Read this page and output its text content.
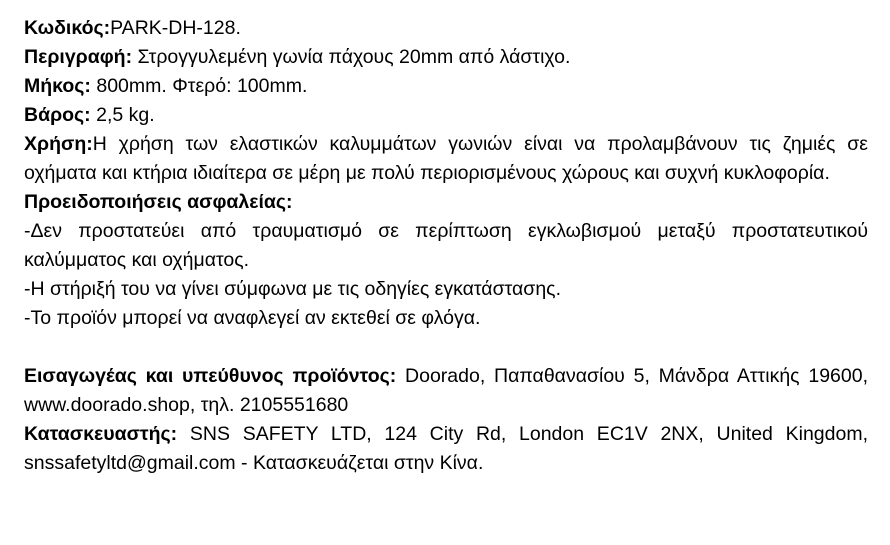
Κωδικός:PARK-DH-128.

Περιγραφή: Στρογγυλεμένη γωνία πάχους 20mm από λάστιχο.

Μήκος: 800mm. Φτερό: 100mm.

Βάρος: 2,5 kg.

Χρήση:Η χρήση των ελαστικών καλυμμάτων γωνιών είναι να προλαμβάνουν τις ζημιές σε οχήματα και κτήρια ιδιαίτερα σε μέρη με πολύ περιορισμένους χώρους και συχνή κυκλοφορία.

Προειδοποιήσεις ασφαλείας:

-Δεν προστατεύει από τραυματισμό σε περίπτωση εγκλωβισμού μεταξύ προστατευτικού καλύμματος και οχήματος.

-Η στήριξή του να γίνει σύμφωνα με τις οδηγίες εγκατάστασης.

-Το προϊόν μπορεί να αναφλεγεί αν εκτεθεί σε φλόγα.

Εισαγωγέας και υπεύθυνος προϊόντος: Doorado, Παπαθανασίου 5, Μάνδρα Αττικής 19600, www.doorado.shop, τηλ. 2105551680

Κατασκευαστής: SNS SAFETY LTD, 124 City Rd, London EC1V 2NX, United Kingdom, snssafetyltd@gmail.com - Κατασκευάζεται στην Κίνα.
